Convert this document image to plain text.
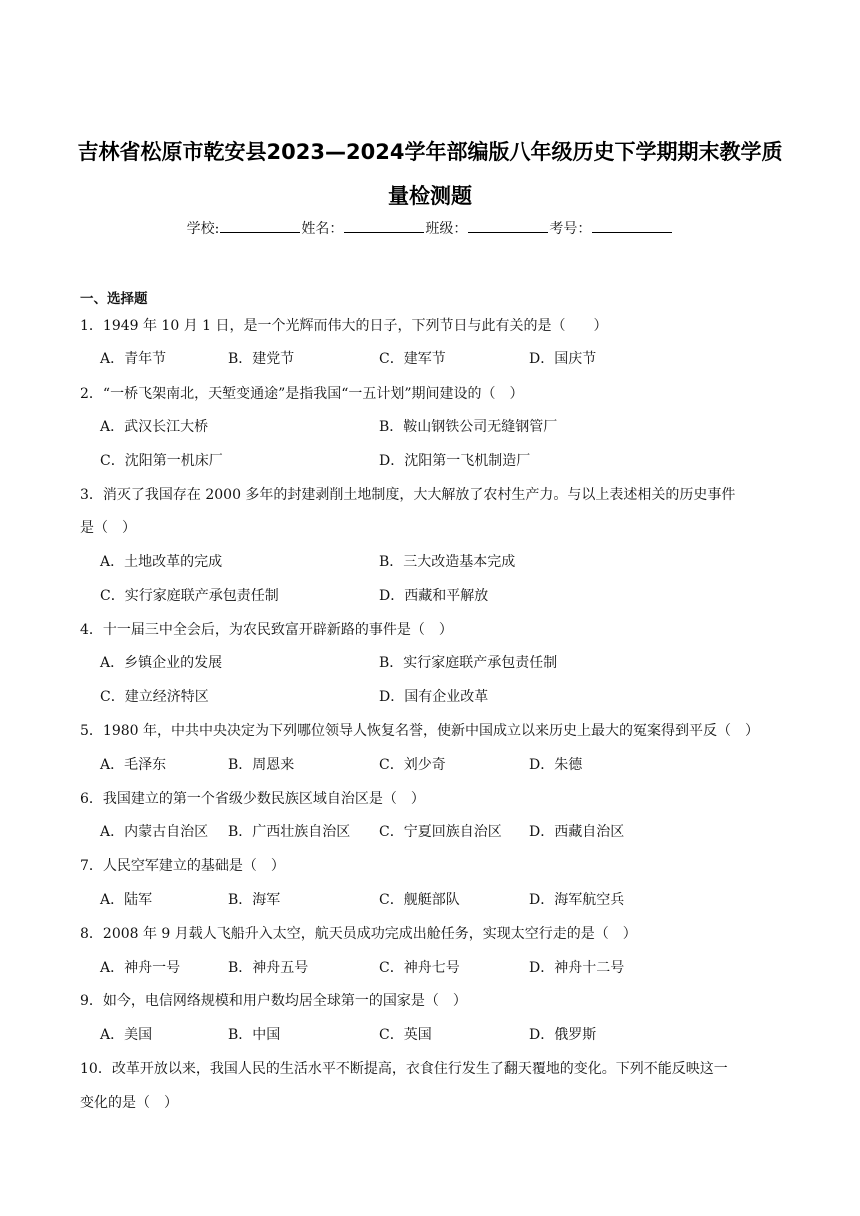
吉林省松原市乾安县2023—2024学年部编版八年级历史下学期期末教学质
量检测题
学校:	姓名：	班级：	考号：
一、选择题
1．1949 年 10 月 1 日，是一个光辉而伟大的日子，下列节日与此有关的是（　　）
A．青年节	B．建党节	C．建军节	D．国庆节
2．“一桥飞架南北，天堑变通途”是指我国“一五计划”期间建设的（　）
A．武汉长江大桥	B．鞍山钢铁公司无缝钢管厂
C．沈阳第一机床厂	D．沈阳第一飞机制造厂
3．消灭了我国存在 2000 多年的封建剥削土地制度，大大解放了农村生产力。与以上表述相关的历史事件
是（　）
A．土地改革的完成	B．三大改造基本完成
C．实行家庭联产承包责任制	D．西藏和平解放
4．十一届三中全会后，为农民致富开辟新路的事件是（　）
A．乡镇企业的发展	B．实行家庭联产承包责任制
C．建立经济特区	D．国有企业改革
5．1980 年，中共中央决定为下列哪位领导人恢复名誉，使新中国成立以来历史上最大的冤案得到平反（　）
A．毛泽东	B．周恩来	C．刘少奇	D．朱德
6．我国建立的第一个省级少数民族区域自治区是（　）
A．内蒙古自治区 B．广西壮族自治区 C．宁夏回族自治区 D．西藏自治区
7．人民空军建立的基础是（　）
A．陆军	B．海军	C．舰艇部队	D．海军航空兵
8．2008 年 9 月载人飞船升入太空，航天员成功完成出舱任务，实现太空行走的是（　）
A．神舟一号	B．神舟五号	C．神舟七号	D．神舟十二号
9．如今，电信网络规模和用户数均居全球第一的国家是（　）
A．美国	B．中国	C．英国	D．俄罗斯
10．改革开放以来，我国人民的生活水平不断提高，衣食住行发生了翻天覆地的变化。下列不能反映这一
变化的是（　）
